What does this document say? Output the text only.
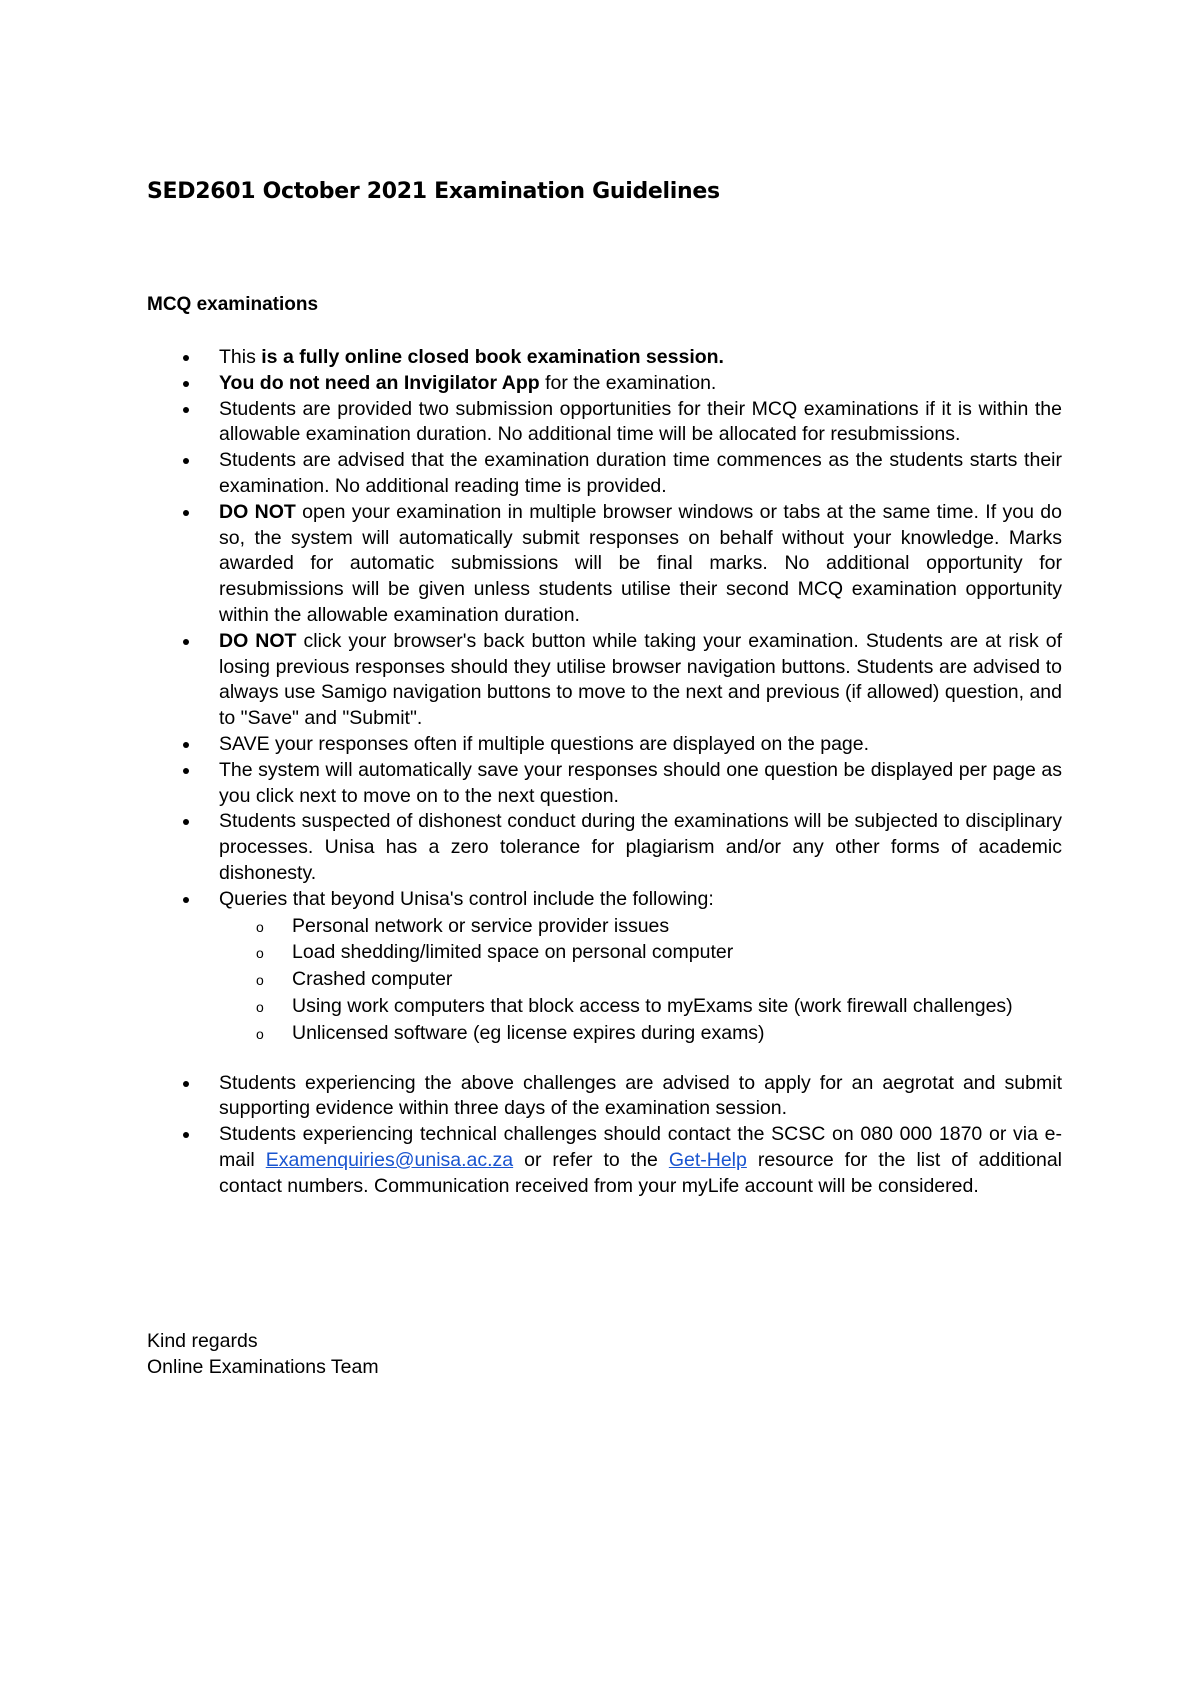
SED2601 October 2021 Examination Guidelines
MCQ examinations
This is a fully online closed book examination session.
You do not need an Invigilator App for the examination.
Students are provided two submission opportunities for their MCQ examinations if it is within the allowable examination duration. No additional time will be allocated for resubmissions.
Students are advised that the examination duration time commences as the students starts their examination. No additional reading time is provided.
DO NOT open your examination in multiple browser windows or tabs at the same time. If you do so, the system will automatically submit responses on behalf without your knowledge. Marks awarded for automatic submissions will be final marks. No additional opportunity for resubmissions will be given unless students utilise their second MCQ examination opportunity within the allowable examination duration.
DO NOT click your browser's back button while taking your examination. Students are at risk of losing previous responses should they utilise browser navigation buttons. Students are advised to always use Samigo navigation buttons to move to the next and previous (if allowed) question, and to "Save" and "Submit".
SAVE your responses often if multiple questions are displayed on the page.
The system will automatically save your responses should one question be displayed per page as you click next to move on to the next question.
Students suspected of dishonest conduct during the examinations will be subjected to disciplinary processes. Unisa has a zero tolerance for plagiarism and/or any other forms of academic dishonesty.
Queries that beyond Unisa's control include the following:
o Personal network or service provider issues
o Load shedding/limited space on personal computer
o Crashed computer
o Using work computers that block access to myExams site (work firewall challenges)
o Unlicensed software (eg license expires during exams)
Students experiencing the above challenges are advised to apply for an aegrotat and submit supporting evidence within three days of the examination session.
Students experiencing technical challenges should contact the SCSC on 080 000 1870 or via e-mail Examenquiries@unisa.ac.za or refer to the Get-Help resource for the list of additional contact numbers. Communication received from your myLife account will be considered.

Kind regards
Online Examinations Team
